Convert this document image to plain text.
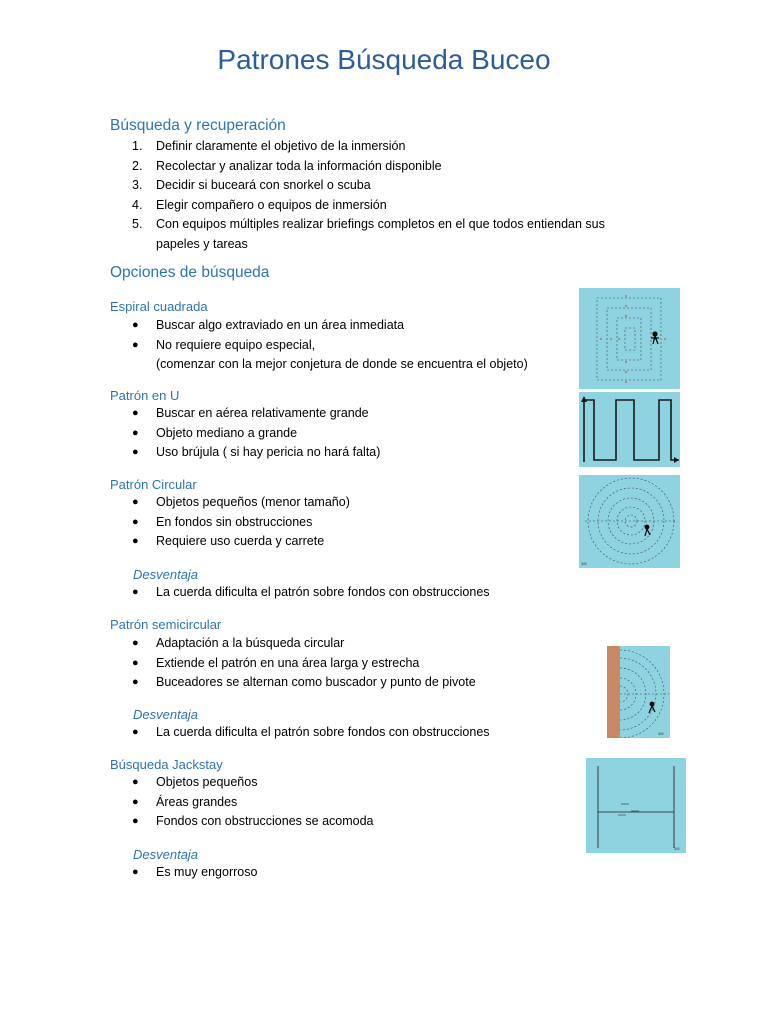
Patrones Búsqueda Buceo
Búsqueda y recuperación
1. Definir claramente el objetivo de la inmersión
2. Recolectar y analizar toda la información disponible
3. Decidir si buceará con snorkel o scuba
4. Elegir compañero o equipos de inmersión
5. Con equipos múltiples realizar briefings completos en el que todos entiendan sus
papeles y tareas
Opciones de búsqueda
Espiral cuadrada
● Buscar algo extraviado en un área inmediata
● No requiere equipo especial,
(comenzar con la mejor conjetura de donde se encuentra el objeto)
Patrón en U
● Buscar en aérea relativamente grande
● Objeto mediano a grande
● Uso brújula ( si hay pericia no hará falta)
Patrón Circular
● Objetos pequeños (menor tamaño)
● En fondos sin obstrucciones
● Requiere uso cuerda y carrete
Desventaja
● La cuerda dificulta el patrón sobre fondos con obstrucciones
Patrón semicircular
● Adaptación a la búsqueda circular
● Extiende el patrón en una área larga y estrecha
● Buceadores se alternan como buscador y punto de pivote
Desventaja
● La cuerda dificulta el patrón sobre fondos con obstrucciones
Búsqueda Jackstay
● Objetos pequeños
● Áreas grandes
● Fondos con obstrucciones se acomoda
Desventaja
● Es muy engorroso
3/6
3/6
3/6
